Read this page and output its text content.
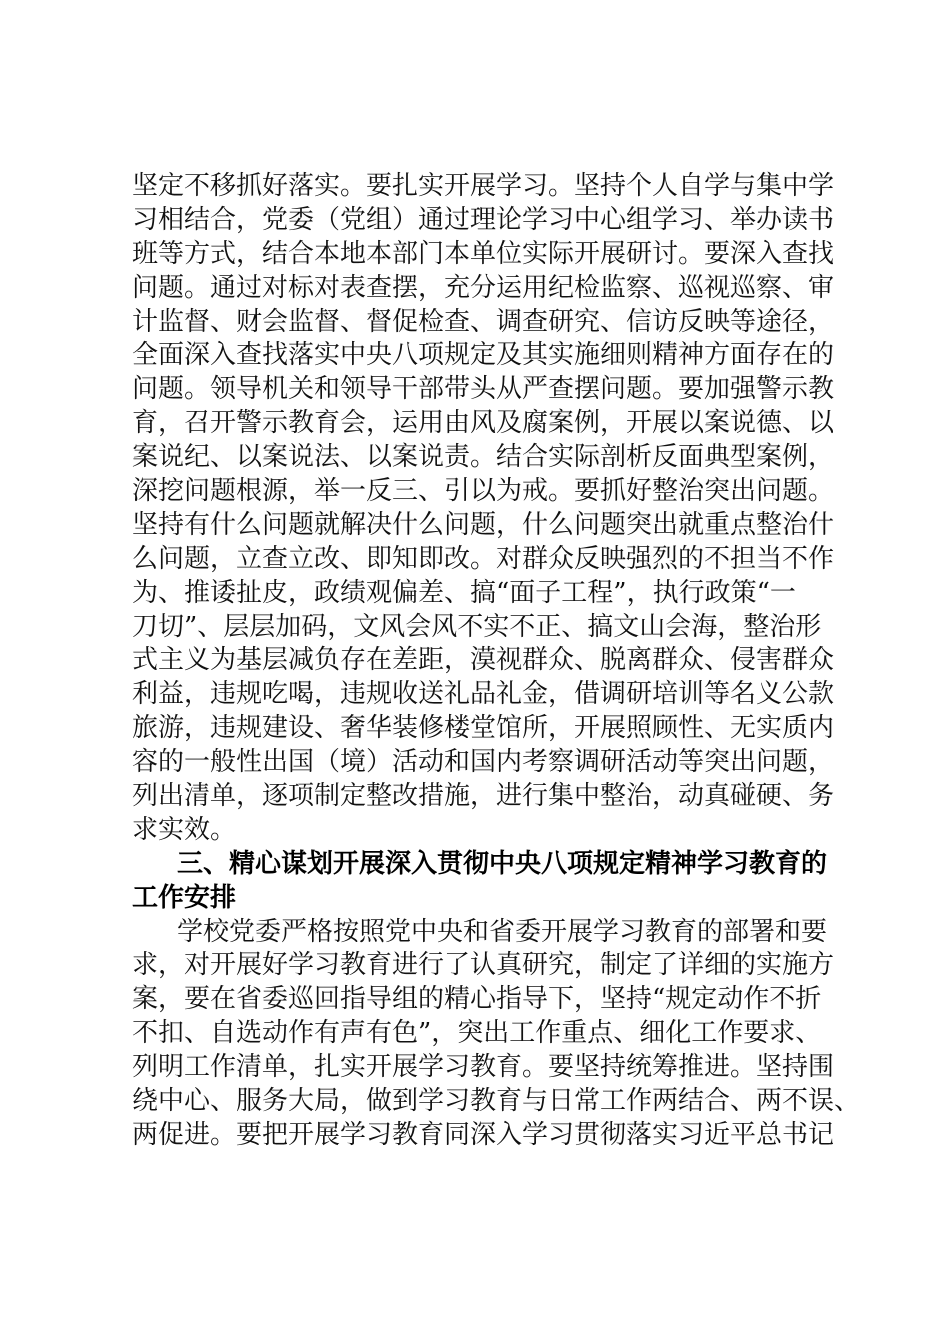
坚定不移抓好落实。要扎实开展学习。坚持个人自学与集中学
习相结合，党委（党组）通过理论学习中心组学习、举办读书
班等方式，结合本地本部门本单位实际开展研讨。要深入查找
问题。通过对标对表查摆，充分运用纪检监察、巡视巡察、审
计监督、财会监督、督促检查、调查研究、信访反映等途径，
全面深入查找落实中央八项规定及其实施细则精神方面存在的
问题。领导机关和领导干部带头从严查摆问题。要加强警示教
育，召开警示教育会，运用由风及腐案例，开展以案说德、以
案说纪、以案说法、以案说责。结合实际剖析反面典型案例，
深挖问题根源，举一反三、引以为戒。要抓好整治突出问题。
坚持有什么问题就解决什么问题，什么问题突出就重点整治什
么问题，立查立改、即知即改。对群众反映强烈的不担当不作
为、推诿扯皮，政绩观偏差、搞“面子工程”，执行政策“一
刀切”、层层加码，文风会风不实不正、搞文山会海，整治形
式主义为基层减负存在差距，漠视群众、脱离群众、侵害群众
利益，违规吃喝，违规收送礼品礼金，借调研培训等名义公款
旅游，违规建设、奢华装修楼堂馆所，开展照顾性、无实质内
容的一般性出国（境）活动和国内考察调研活动等突出问题，
列出清单，逐项制定整改措施，进行集中整治，动真碰硬、务
求实效。
三、精心谋划开展深入贯彻中央八项规定精神学习教育的
工作安排
学校党委严格按照党中央和省委开展学习教育的部署和要
求，对开展好学习教育进行了认真研究，制定了详细的实施方
案，要在省委巡回指导组的精心指导下，坚持“规定动作不折
不扣、自选动作有声有色”，突出工作重点、细化工作要求、
列明工作清单，扎实开展学习教育。要坚持统筹推进。坚持围
绕中心、服务大局，做到学习教育与日常工作两结合、两不误、
两促进。要把开展学习教育同深入学习贯彻落实习近平总书记
